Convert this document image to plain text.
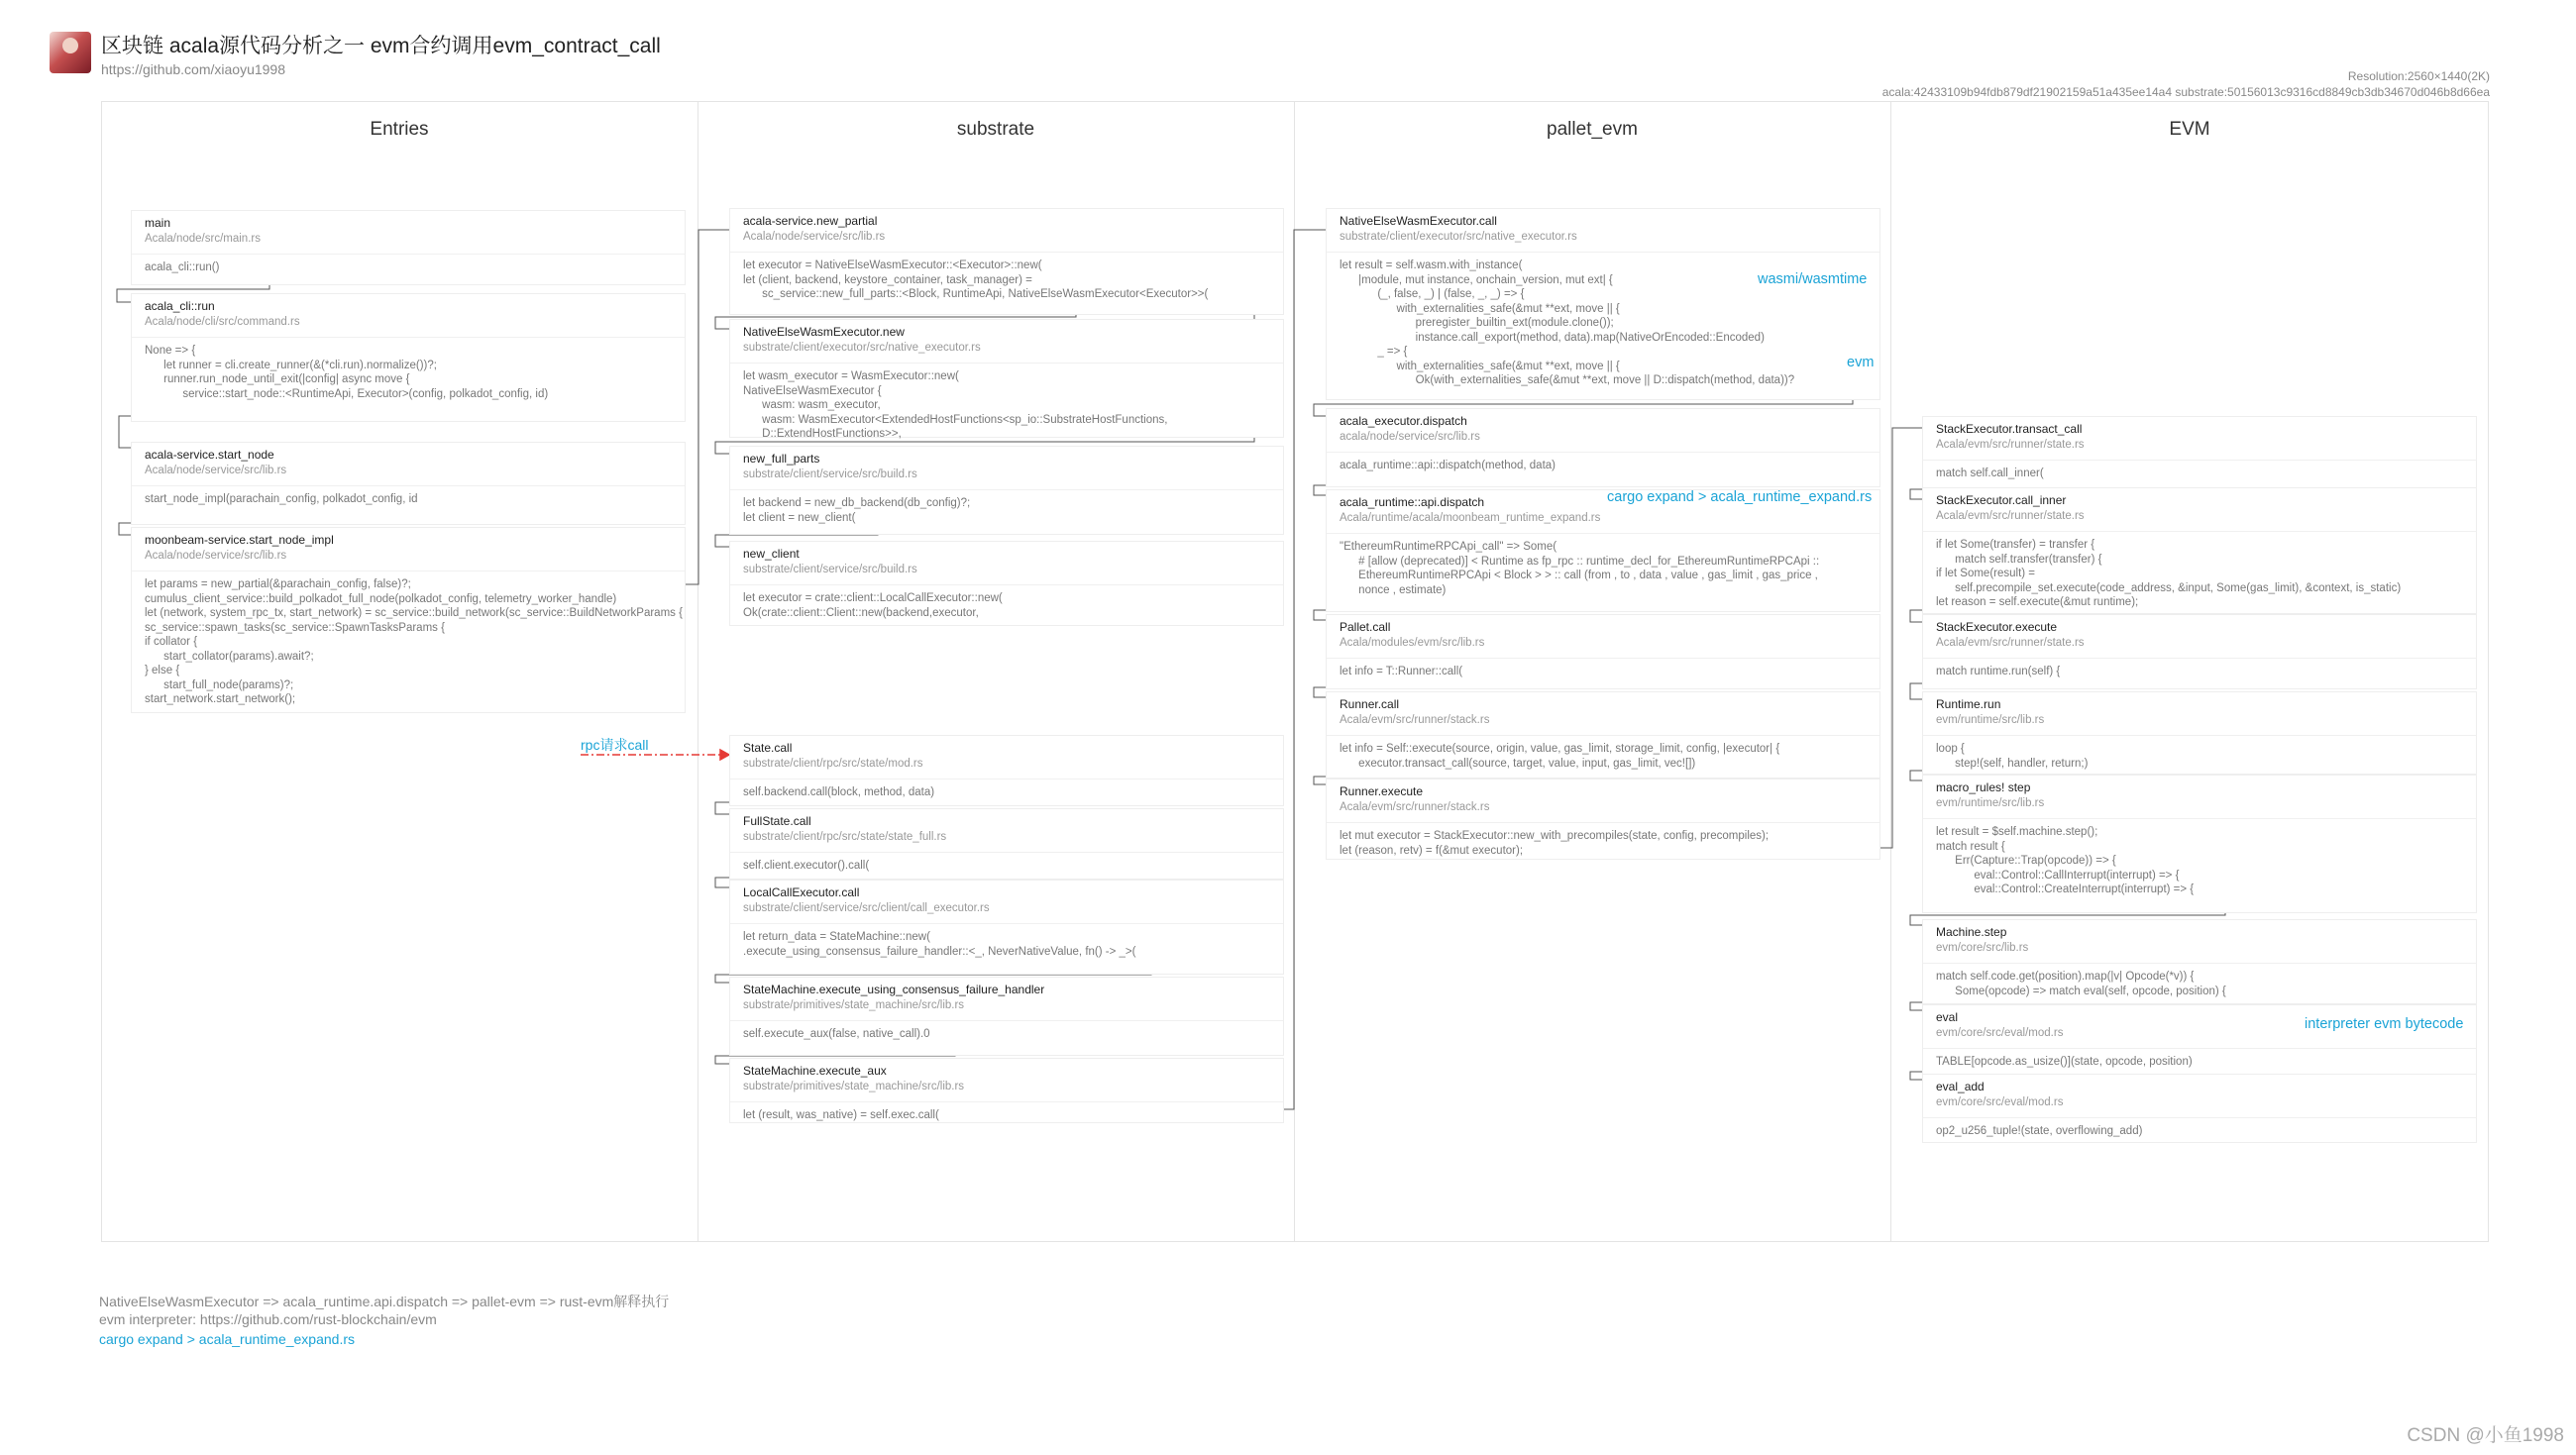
区块链 acala源代码分析之一 evm合约调用evm_contract_call
https://github.com/xiaoyu1998	Resolution:2560×1440(2K)
acala:42433109b94fdb879df21902159a51a435ee14a4 substrate:50156013c9316cd8849cb3db34670d046b8d66ea
Entries	substrate	pallet_evm	EVM
rpc请求call
main
Acala/node/src/main.rs
acala_cli::run()
acala_cli::run
Acala/node/cli/src/command.rs
None => {
let runner = cli.create_runner(&(*cli.run).normalize())?;
runner.run_node_until_exit(|config| async move {
service::start_node::<RuntimeApi, Executor>(config, polkadot_config, id)
acala-service.start_node
Acala/node/service/src/lib.rs
start_node_impl(parachain_config, polkadot_config, id
moonbeam-service.start_node_impl
Acala/node/service/src/lib.rs
let params = new_partial(&parachain_config, false)?;
cumulus_client_service::build_polkadot_full_node(polkadot_config, telemetry_worker_handle)
let (network, system_rpc_tx, start_network) = sc_service::build_network(sc_service::BuildNetworkParams {
sc_service::spawn_tasks(sc_service::SpawnTasksParams {
if collator {
start_collator(params).await?;
} else {
start_full_node(params)?;
start_network.start_network();
acala-service.new_partial
Acala/node/service/src/lib.rs
let executor = NativeElseWasmExecutor::<Executor>::new(
let (client, backend, keystore_container, task_manager) =
sc_service::new_full_parts::<Block, RuntimeApi, NativeElseWasmExecutor<Executor>>(
NativeElseWasmExecutor.new
substrate/client/executor/src/native_executor.rs
let wasm_executor = WasmExecutor::new(
NativeElseWasmExecutor {
wasm: wasm_executor,
wasm: WasmExecutor<ExtendedHostFunctions<sp_io::SubstrateHostFunctions,
D::ExtendHostFunctions>>,
new_full_parts
substrate/client/service/src/build.rs
let backend = new_db_backend(db_config)?;
let client = new_client(
new_client
substrate/client/service/src/build.rs
let executor = crate::client::LocalCallExecutor::new(
Ok(crate::client::Client::new(backend,executor,
State.call
substrate/client/rpc/src/state/mod.rs
self.backend.call(block, method, data)
FullState.call
substrate/client/rpc/src/state/state_full.rs
self.client.executor().call(
LocalCallExecutor.call
substrate/client/service/src/client/call_executor.rs
let return_data = StateMachine::new(
.execute_using_consensus_failure_handler::<_, NeverNativeValue, fn() -> _>(
StateMachine.execute_using_consensus_failure_handler
substrate/primitives/state_machine/src/lib.rs
self.execute_aux(false, native_call).0
StateMachine.execute_aux
substrate/primitives/state_machine/src/lib.rs
let (result, was_native) = self.exec.call(
NativeElseWasmExecutor.call
substrate/client/executor/src/native_executor.rs
let result = self.wasm.with_instance(
|module, mut instance, onchain_version, mut ext| {
(_, false, _) | (false, _, _) => {
with_externalities_safe(&mut **ext, move || {
preregister_builtin_ext(module.clone());
instance.call_export(method, data).map(NativeOrEncoded::Encoded)
_ => {
with_externalities_safe(&mut **ext, move || {
Ok(with_externalities_safe(&mut **ext, move || D::dispatch(method, data))?
acala_executor.dispatch
acala/node/service/src/lib.rs
acala_runtime::api::dispatch(method, data)
acala_runtime::api.dispatch
Acala/runtime/acala/moonbeam_runtime_expand.rs
"EthereumRuntimeRPCApi_call" => Some(
# [allow (deprecated)] < Runtime as fp_rpc :: runtime_decl_for_EthereumRuntimeRPCApi ::
EthereumRuntimeRPCApi < Block > > :: call (from , to , data , value , gas_limit , gas_price ,
nonce , estimate)
Pallet.call
Acala/modules/evm/src/lib.rs
let info = T::Runner::call(
Runner.call
Acala/evm/src/runner/stack.rs
let info = Self::execute(source, origin, value, gas_limit, storage_limit, config, |executor| {
executor.transact_call(source, target, value, input, gas_limit, vec![])
Runner.execute
Acala/evm/src/runner/stack.rs
let mut executor = StackExecutor::new_with_precompiles(state, config, precompiles);
let (reason, retv) = f(&mut executor);
wasmi/wasmtime
evm
cargo expand > acala_runtime_expand.rs
StackExecutor.transact_call
Acala/evm/src/runner/state.rs
match self.call_inner(
StackExecutor.call_inner
Acala/evm/src/runner/state.rs
if let Some(transfer) = transfer {
match self.transfer(transfer) {
if let Some(result) =
self.precompile_set.execute(code_address, &input, Some(gas_limit), &context, is_static)
let reason = self.execute(&mut runtime);
StackExecutor.execute
Acala/evm/src/runner/state.rs
match runtime.run(self) {
Runtime.run
evm/runtime/src/lib.rs
loop {
step!(self, handler, return;)
macro_rules! step
evm/runtime/src/lib.rs
let result = $self.machine.step();
match result {
Err(Capture::Trap(opcode)) => {
eval::Control::CallInterrupt(interrupt) => {
eval::Control::CreateInterrupt(interrupt) => {
Machine.step
evm/core/src/lib.rs
match self.code.get(position).map(|v| Opcode(*v)) {
Some(opcode) => match eval(self, opcode, position) {
eval
evm/core/src/eval/mod.rs
TABLE[opcode.as_usize()](state, opcode, position)
eval_add
evm/core/src/eval/mod.rs
op2_u256_tuple!(state, overflowing_add)
interpreter evm bytecode
NativeElseWasmExecutor => acala_runtime.api.dispatch => pallet-evm => rust-evm解释执行
evm interpreter: https://github.com/rust-blockchain/evm
cargo expand > acala_runtime_expand.rs
CSDN @小鱼1998
